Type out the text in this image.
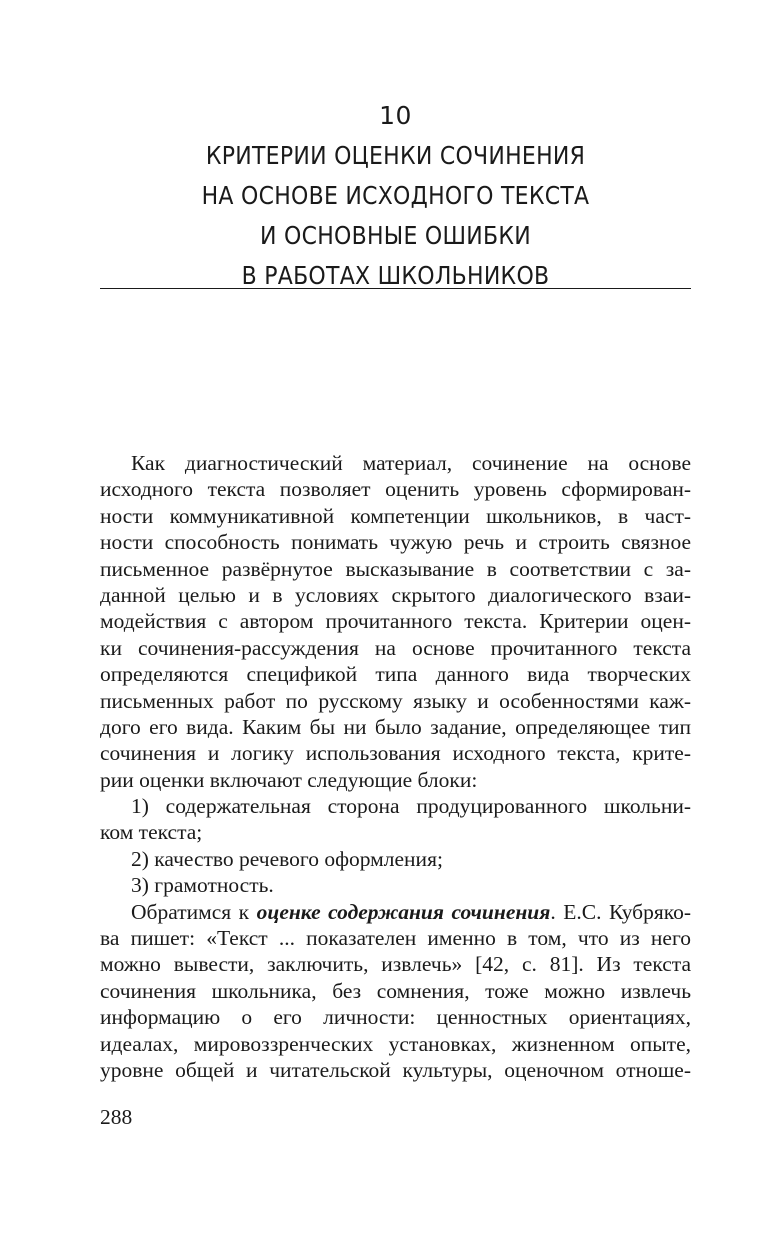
10
КРИТЕРИИ ОЦЕНКИ СОЧИНЕНИЯ
НА ОСНОВЕ ИСХОДНОГО ТЕКСТА
И ОСНОВНЫЕ ОШИБКИ
В РАБОТАХ ШКОЛЬНИКОВ
Как диагностический материал, сочинение на основе
исходного текста позволяет оценить уровень сформирован-
ности коммуникативной компетенции школьников, в част-
ности способность понимать чужую речь и строить связное
письменное развёрнутое высказывание в соответствии с за-
данной целью и в условиях скрытого диалогического взаи-
модействия с автором прочитанного текста. Критерии оцен-
ки сочинения-рассуждения на основе прочитанного текста
определяются спецификой типа данного вида творческих
письменных работ по русскому языку и особенностями каж-
дого его вида. Каким бы ни было задание, определяющее тип
сочинения и логику использования исходного текста, крите-
рии оценки включают следующие блоки:
1) содержательная сторона продуцированного школьни-
ком текста;
2) качество речевого оформления;
3) грамотность.
Обратимся к оценке содержания сочинения. Е.С. Кубряко-
ва пишет: «Текст ... показателен именно в том, что из него
можно вывести, заключить, извлечь» [42, с. 81]. Из текста
сочинения школьника, без сомнения, тоже можно извлечь
информацию о его личности: ценностных ориентациях,
идеалах, мировоззренческих установках, жизненном опыте,
уровне общей и читательской культуры, оценочном отноше-
288
